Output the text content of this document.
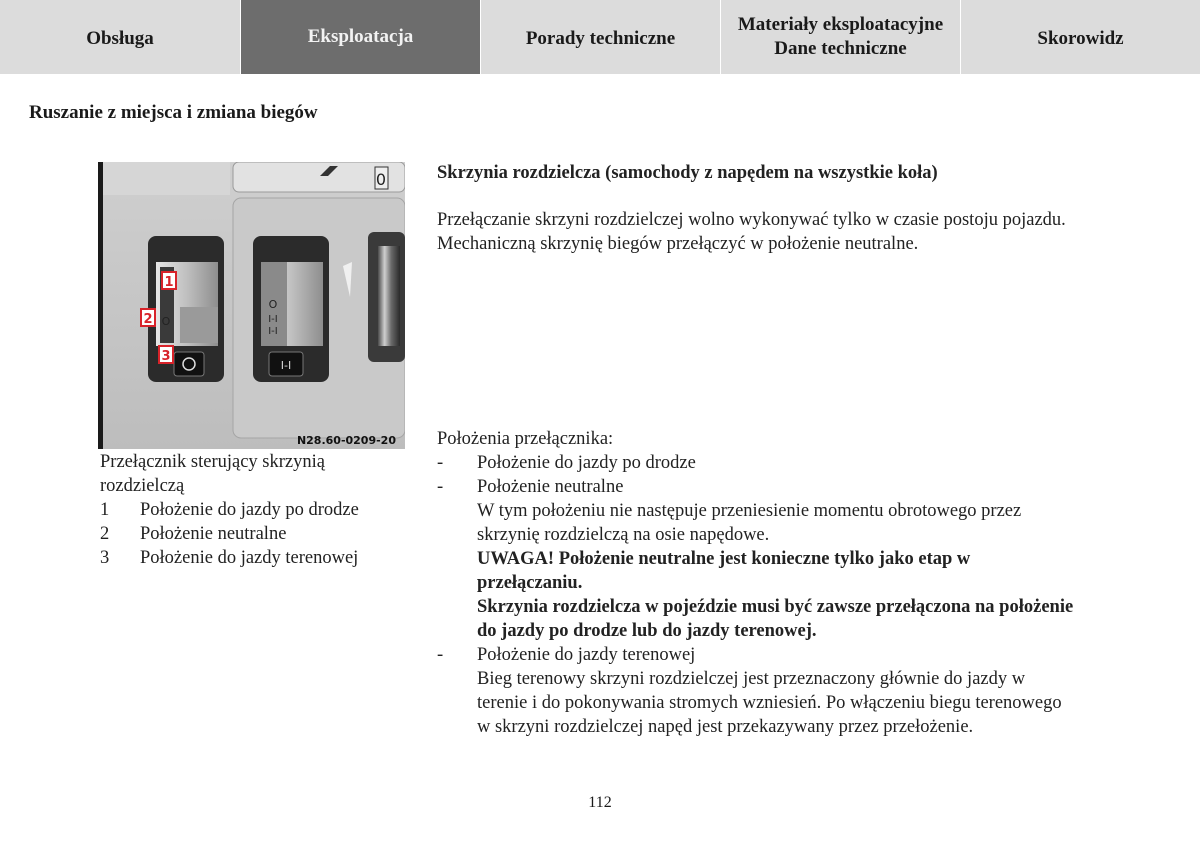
Obsługa	Eksploatacja	Porady techniczne
Materiały eksploatacyjne
Dane techniczne	Skorowidz
Ruszanie z miejsca i zmiana biegów
0
O
1
2
3
O
I-I
I-I
I-I
N28.60-0209-20
Przełącznik sterujący skrzynią rozdzielczą
1	Położenie do jazdy po drodze
2	Położenie neutralne
3	Położenie do jazdy terenowej
Skrzynia rozdzielcza (samochody z napędem na wszystkie koła)

Przełączanie skrzyni rozdzielczej wolno wykonywać tylko w czasie postoju pojazdu.

Mechaniczną skrzynię biegów przełączyć w położenie neutralne.

Położenia przełącznika:
-	Położenie do jazdy po drodze
-	Położenie neutralne
W tym położeniu nie następuje przeniesienie momentu obrotowego przez skrzynię rozdzielczą na osie napędowe.
UWAGA! Położenie neutralne jest konieczne tylko jako etap w przełączaniu.
Skrzynia rozdzielcza w pojeździe musi być zawsze przełączona na położenie do jazdy po drodze lub do jazdy terenowej.
-	Położenie do jazdy terenowej
Bieg terenowy skrzyni rozdzielczej jest przeznaczony głównie do jazdy w terenie i do pokonywania stromych wzniesień. Po włączeniu biegu terenowego w skrzyni rozdzielczej napęd jest przekazywany przez przełożenie.
112
